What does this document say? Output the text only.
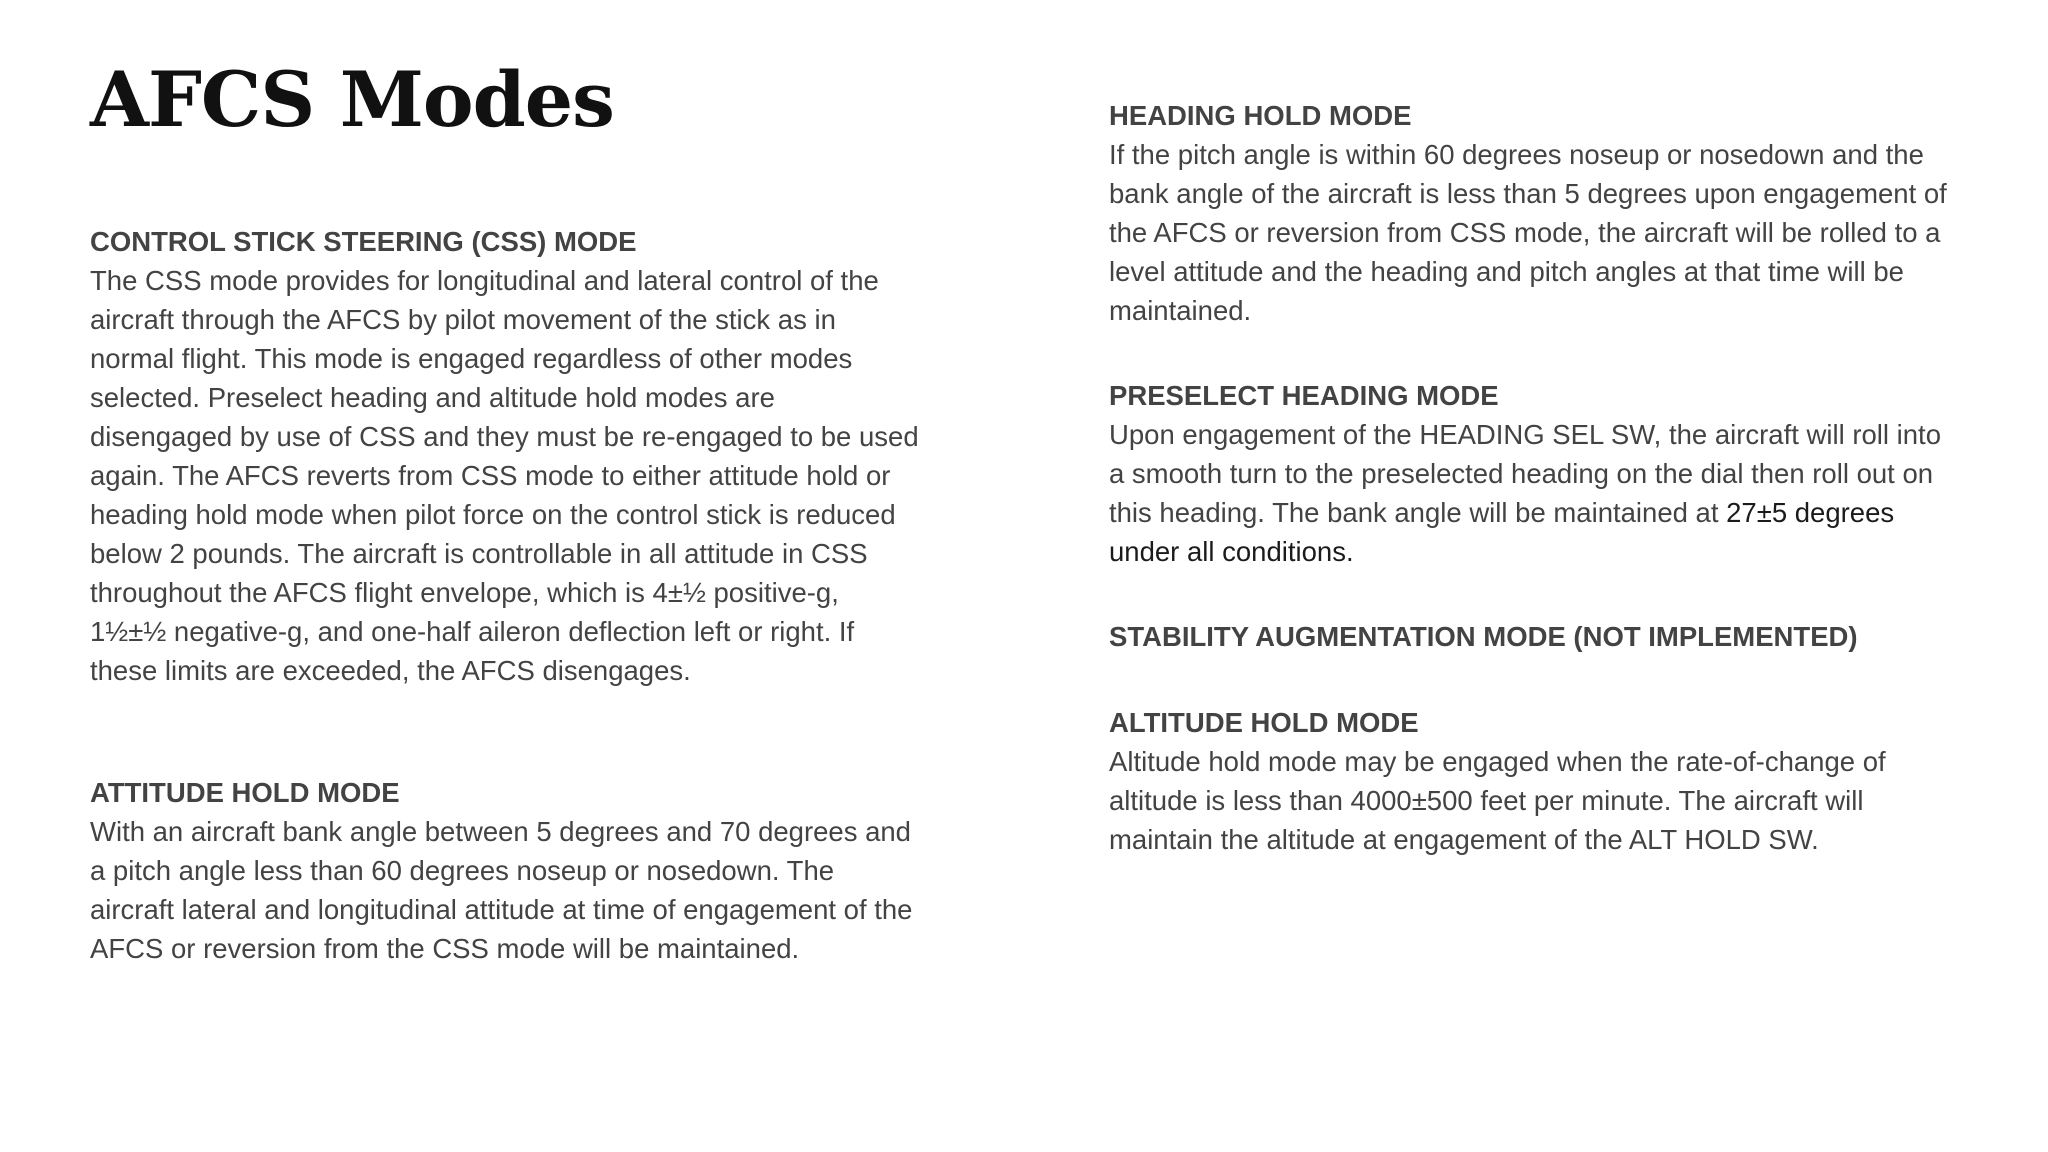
AFCS Modes
CONTROL STICK STEERING (CSS) MODE

The CSS mode provides for longitudinal and lateral control of the aircraft through the AFCS by pilot movement of the stick as in normal flight. This mode is engaged regardless of other modes selected. Preselect heading and altitude hold modes are disengaged by use of CSS and they must be re-engaged to be used again. The AFCS reverts from CSS mode to either attitude hold or heading hold mode when pilot force on the control stick is reduced below 2 pounds. The aircraft is controllable in all attitude in CSS throughout the AFCS flight envelope, which is 4±½ positive-g, 1½±½ negative-g, and one-half aileron deflection left or right. If these limits are exceeded, the AFCS disengages.

ATTITUDE HOLD MODE

With an aircraft bank angle between 5 degrees and 70 degrees and a pitch angle less than 60 degrees noseup or nosedown. The aircraft lateral and longitudinal attitude at time of engagement of the AFCS or reversion from the CSS mode will be maintained.

HEADING HOLD MODE

If the pitch angle is within 60 degrees noseup or nosedown and the bank angle of the aircraft is less than 5 degrees upon engagement of the AFCS or reversion from CSS mode, the aircraft will be rolled to a level attitude and the heading and pitch angles at that time will be maintained.

PRESELECT HEADING MODE

Upon engagement of the HEADING SEL SW, the aircraft will roll into a smooth turn to the preselected heading on the dial then roll out on this heading. The bank angle will be maintained at 27±5 degrees under all conditions.

STABILITY AUGMENTATION MODE (NOT IMPLEMENTED)
ALTITUDE HOLD MODE

Altitude hold mode may be engaged when the rate-of-change of altitude is less than 4000±500 feet per minute. The aircraft will maintain the altitude at engagement of the ALT HOLD SW.
